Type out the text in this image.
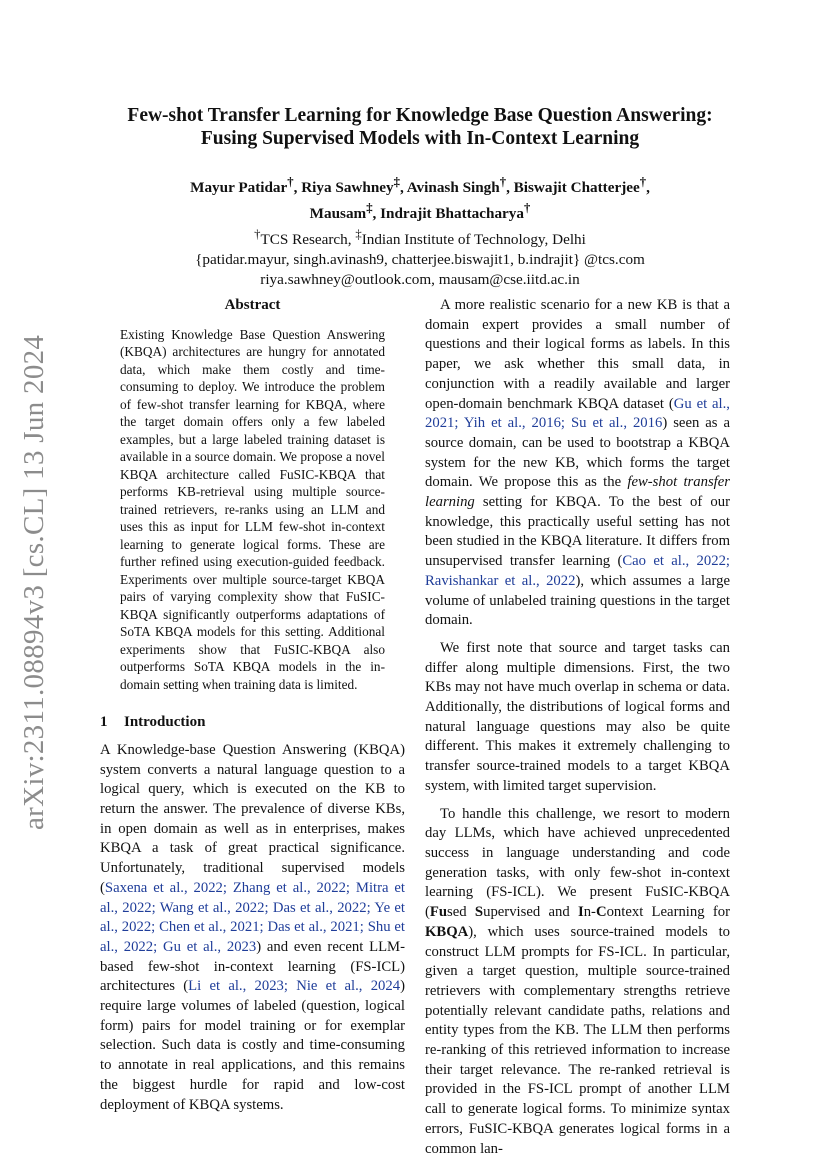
arXiv:2311.08894v3 [cs.CL] 13 Jun 2024
Few-shot Transfer Learning for Knowledge Base Question Answering:
Fusing Supervised Models with In-Context Learning
Mayur Patidar†, Riya Sawhney‡, Avinash Singh†, Biswajit Chatterjee†,
Mausam‡, Indrajit Bhattacharya†
†TCS Research, ‡Indian Institute of Technology, Delhi
{patidar.mayur, singh.avinash9, chatterjee.biswajit1, b.indrajit} @tcs.com
riya.sawhney@outlook.com, mausam@cse.iitd.ac.in
Abstract
Existing Knowledge Base Question Answering (KBQA) architectures are hungry for annotated data, which make them costly and time-consuming to deploy. We introduce the problem of few-shot transfer learning for KBQA, where the target domain offers only a few labeled examples, but a large labeled training dataset is available in a source domain. We propose a novel KBQA architecture called FuSIC-KBQA that performs KB-retrieval using multiple source-trained retrievers, re-ranks using an LLM and uses this as input for LLM few-shot in-context learning to generate logical forms. These are further refined using execution-guided feedback. Experiments over multiple source-target KBQA pairs of varying complexity show that FuSIC-KBQA significantly outperforms adaptations of SoTA KBQA models for this setting. Additional experiments show that FuSIC-KBQA also outperforms SoTA KBQA models in the in-domain setting when training data is limited.
1 Introduction

A Knowledge-base Question Answering (KBQA) system converts a natural language question to a logical query, which is executed on the KB to return the answer. The prevalence of diverse KBs, in open domain as well as in enterprises, makes KBQA a task of great practical significance. Unfortunately, traditional supervised models (Saxena et al., 2022; Zhang et al., 2022; Mitra et al., 2022; Wang et al., 2022; Das et al., 2022; Ye et al., 2022; Chen et al., 2021; Das et al., 2021; Shu et al., 2022; Gu et al., 2023) and even recent LLM-based few-shot in-context learning (FS-ICL) architectures (Li et al., 2023; Nie et al., 2024) require large volumes of labeled (question, logical form) pairs for model training or for exemplar selection. Such data is costly and time-consuming to annotate in real applications, and this remains the biggest hurdle for rapid and low-cost deployment of KBQA systems.

A more realistic scenario for a new KB is that a domain expert provides a small number of questions and their logical forms as labels. In this paper, we ask whether this small data, in conjunction with a readily available and larger open-domain benchmark KBQA dataset (Gu et al., 2021; Yih et al., 2016; Su et al., 2016) seen as a source domain, can be used to bootstrap a KBQA system for the new KB, which forms the target domain. We propose this as the few-shot transfer learning setting for KBQA. To the best of our knowledge, this practically useful setting has not been studied in the KBQA literature. It differs from unsupervised transfer learning (Cao et al., 2022; Ravishankar et al., 2022), which assumes a large volume of unlabeled training questions in the target domain.

We first note that source and target tasks can differ along multiple dimensions. First, the two KBs may not have much overlap in schema or data. Additionally, the distributions of logical forms and natural language questions may also be quite different. This makes it extremely challenging to transfer source-trained models to a target KBQA system, with limited target supervision.

To handle this challenge, we resort to modern day LLMs, which have achieved unprecedented success in language understanding and code generation tasks, with only few-shot in-context learning (FS-ICL). We present FuSIC-KBQA (Fused Supervised and In-Context Learning for KBQA), which uses source-trained models to construct LLM prompts for FS-ICL. In particular, given a target question, multiple source-trained retrievers with complementary strengths retrieve potentially relevant candidate paths, relations and entity types from the KB. The LLM then performs re-ranking of this retrieved information to increase their target relevance. The re-ranked retrieval is provided in the FS-ICL prompt of another LLM call to generate logical forms. To minimize syntax errors, FuSIC-KBQA generates logical forms in a common lan-
